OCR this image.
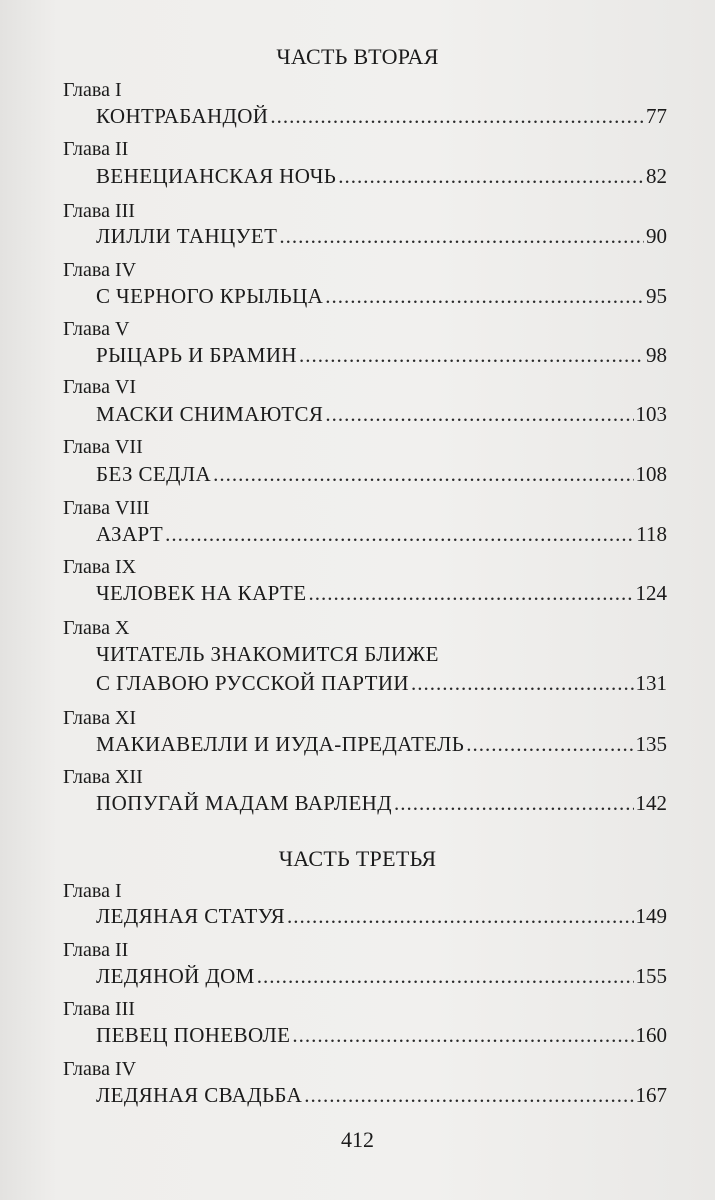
ЧАСТЬ ВТОРАЯ
Глава I
КОНТРАБАНДОЙ .....	77
Глава II
ВЕНЕЦИАНСКАЯ НОЧЬ .....	82
Глава III
ЛИЛЛИ ТАНЦУЕТ .....	90
Глава IV
С ЧЕРНОГО КРЫЛЬЦА .....	95
Глава V
РЫЦАРЬ И БРАМИН .....	98
Глава VI
МАСКИ СНИМАЮТСЯ .....	103
Глава VII
БЕЗ СЕДЛА .....	108
Глава VIII
АЗАРТ .....	118
Глава IX
ЧЕЛОВЕК НА КАРТЕ .....	124
Глава X
ЧИТАТЕЛЬ ЗНАКОМИТСЯ БЛИЖЕ
С ГЛАВОЮ РУССКОЙ ПАРТИИ .....	131
Глава XI
МАКИАВЕЛЛИ И ИУДА-ПРЕДАТЕЛЬ .....	135
Глава XII
ПОПУГАЙ МАДАМ ВАРЛЕНД .....	142
ЧАСТЬ ТРЕТЬЯ
Глава I
ЛЕДЯНАЯ СТАТУЯ .....	149
Глава II
ЛЕДЯНОЙ ДОМ .....	155
Глава III
ПЕВЕЦ ПОНЕВОЛЕ .....	160
Глава IV
ЛЕДЯНАЯ СВАДЬБА .....	167
412
